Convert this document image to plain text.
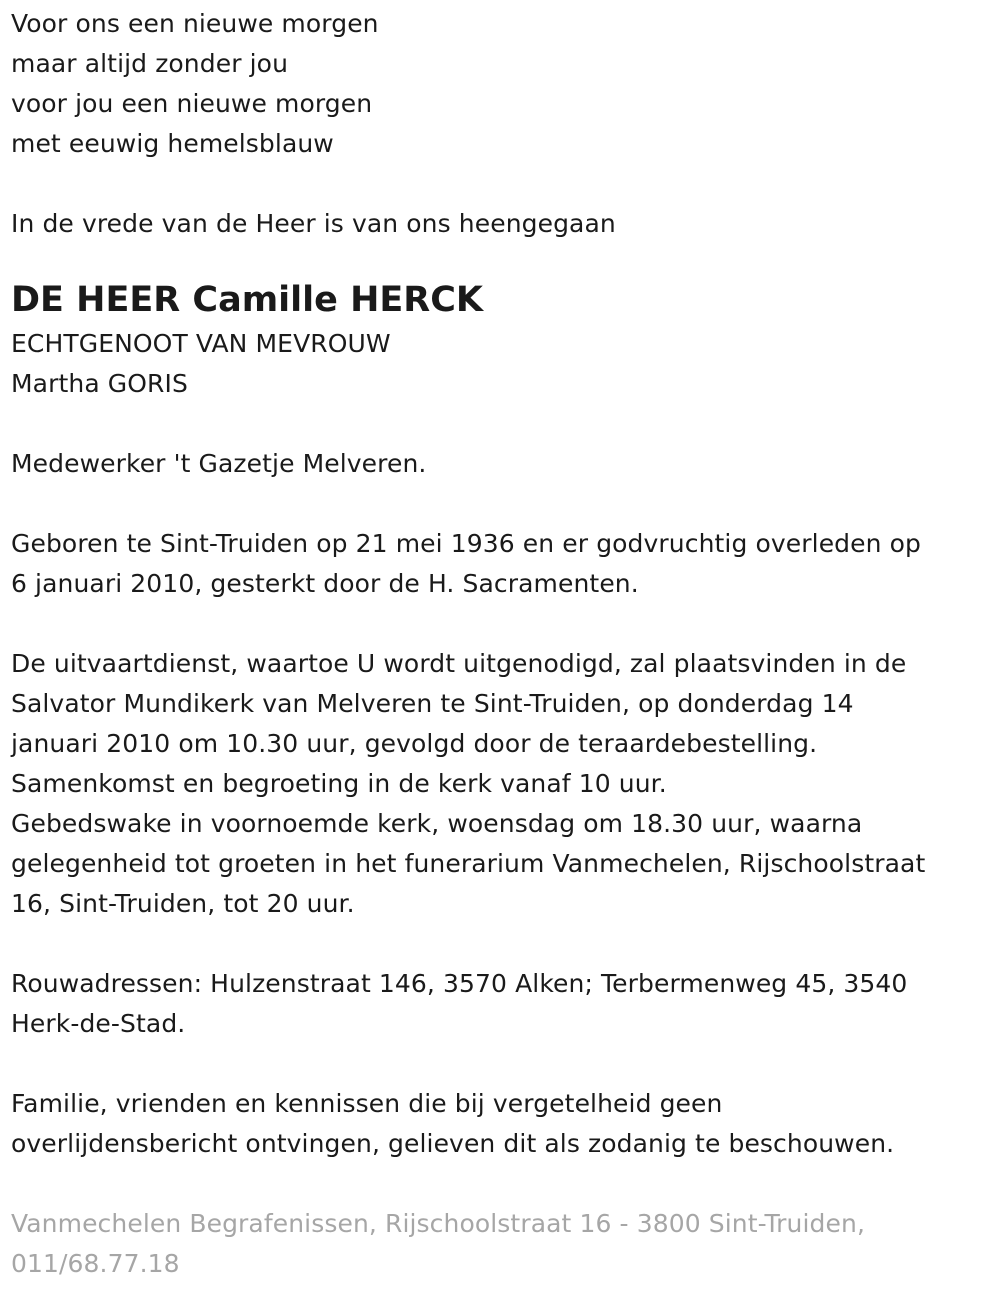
Voor ons een nieuwe morgen
maar altijd zonder jou
voor jou een nieuwe morgen
met eeuwig hemelsblauw
In de vrede van de Heer is van ons heengegaan
DE HEER Camille HERCK
ECHTGENOOT VAN MEVROUW
Martha GORIS
Medewerker 't Gazetje Melveren.
Geboren te Sint-Truiden op 21 mei 1936 en er godvruchtig overleden op
6 januari 2010, gesterkt door de H. Sacramenten.
De uitvaartdienst, waartoe U wordt uitgenodigd, zal plaatsvinden in de
Salvator Mundikerk van Melveren te Sint-Truiden, op donderdag 14
januari 2010 om 10.30 uur, gevolgd door de teraardebestelling.
Samenkomst en begroeting in de kerk vanaf 10 uur.
Gebedswake in voornoemde kerk, woensdag om 18.30 uur, waarna
gelegenheid tot groeten in het funerarium Vanmechelen, Rijschoolstraat
16, Sint-Truiden, tot 20 uur.
Rouwadressen: Hulzenstraat 146, 3570 Alken; Terbermenweg 45, 3540
Herk-de-Stad.
Familie, vrienden en kennissen die bij vergetelheid geen
overlijdensbericht ontvingen, gelieven dit als zodanig te beschouwen.
Vanmechelen Begrafenissen, Rijschoolstraat 16 - 3800 Sint-Truiden,
011/68.77.18
